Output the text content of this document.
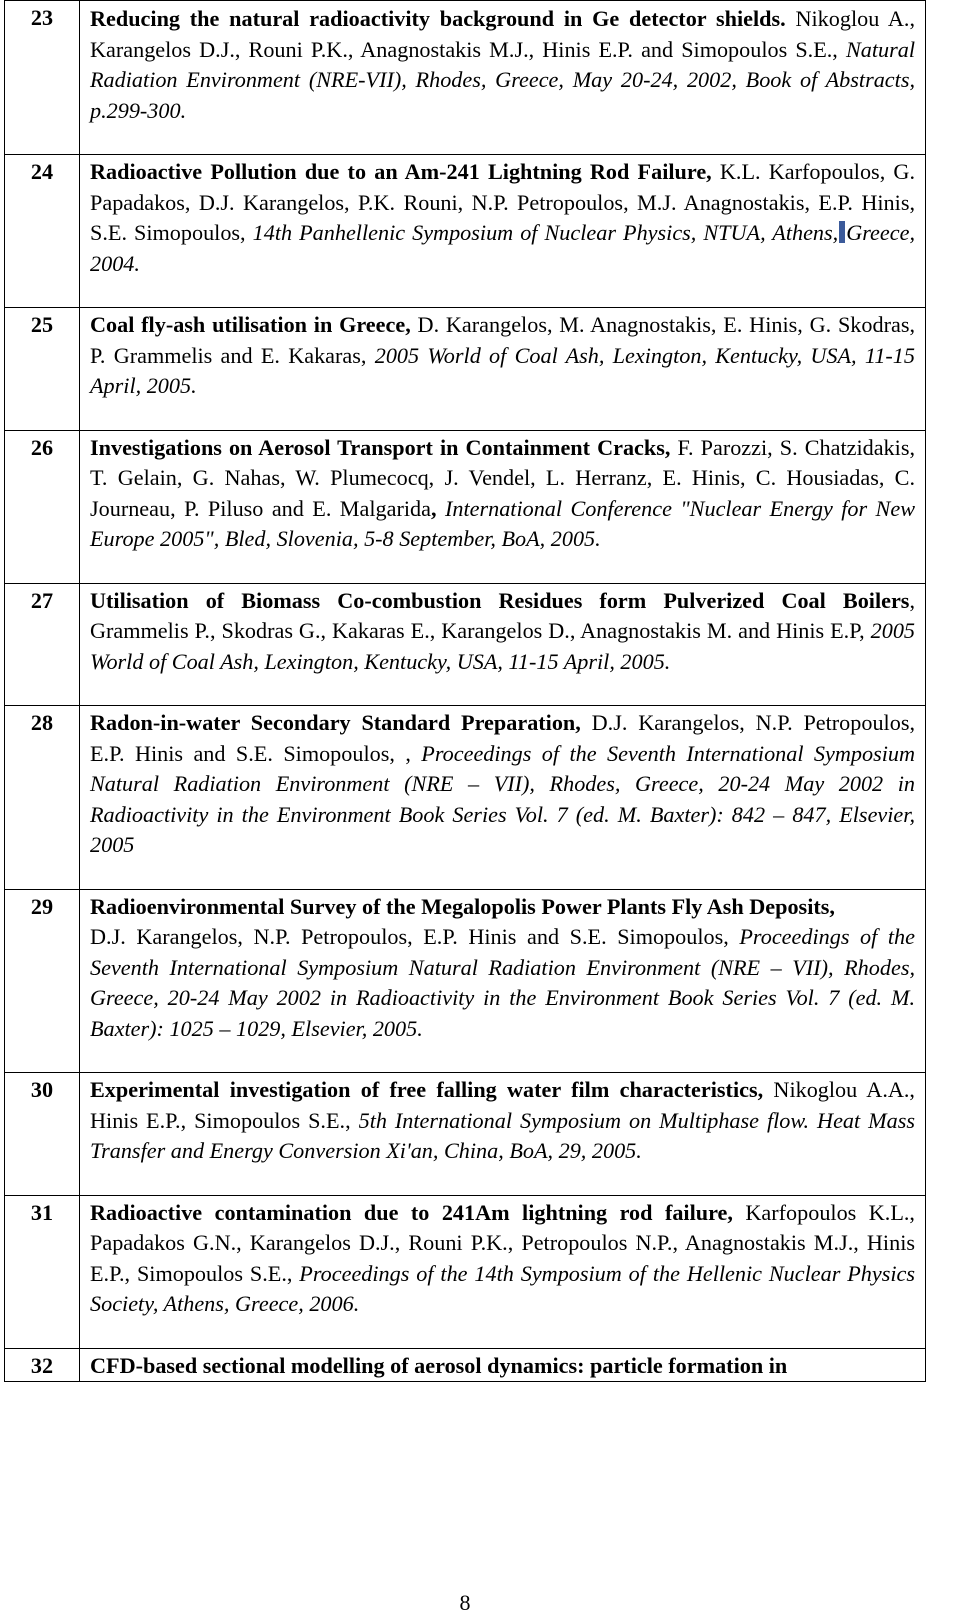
23	Reducing the natural radioactivity background in Ge detector shields. Nikoglou A., Karangelos D.J., Rouni P.K., Anagnostakis M.J., Hinis E.P. and Simopoulos S.E., Natural Radiation Environment (NRE-VII), Rhodes, Greece, May 20-24, 2002, Book of Abstracts, p.299-300.
24	Radioactive Pollution due to an Am-241 Lightning Rod Failure, K.L. Karfopoulos, G. Papadakos, D.J. Karangelos, P.K. Rouni, N.P. Petropoulos, M.J. Anagnostakis, E.P. Hinis, S.E. Simopoulos, 14th Panhellenic Symposium of Nuclear Physics, NTUA, Athens, Greece, 2004.
25	Coal fly-ash utilisation in Greece, D. Karangelos, M. Anagnostakis, E. Hinis, G. Skodras, P. Grammelis and E. Kakaras, 2005 World of Coal Ash, Lexington, Kentucky, USA, 11-15 April, 2005.
26	Investigations on Aerosol Transport in Containment Cracks, F. Parozzi, S. Chatzidakis, T. Gelain, G. Nahas, W. Plumecocq, J. Vendel, L. Herranz, E. Hinis, C. Housiadas, C. Journeau, P. Piluso and E. Malgarida, International Conference "Nuclear Energy for New Europe 2005", Bled, Slovenia, 5-8 September, BoA, 2005.
27	Utilisation of Biomass Co-combustion Residues form Pulverized Coal Boilers, Grammelis P., Skodras G., Kakaras E., Karangelos D., Anagnostakis M. and Hinis E.P, 2005 World of Coal Ash, Lexington, Kentucky, USA, 11-15 April, 2005.
28	Radon-in-water Secondary Standard Preparation, D.J. Karangelos, N.P. Petropoulos, E.P. Hinis and S.E. Simopoulos, , Proceedings of the Seventh International Symposium Natural Radiation Environment (NRE – VII), Rhodes, Greece, 20-24 May 2002 in Radioactivity in the Environment Book Series Vol. 7 (ed. M. Baxter): 842 – 847, Elsevier, 2005
29	Radioenvironmental Survey of the Megalopolis Power Plants Fly Ash Deposits,
D.J. Karangelos, N.P. Petropoulos, E.P. Hinis and S.E. Simopoulos, Proceedings of the Seventh International Symposium Natural Radiation Environment (NRE – VII), Rhodes, Greece, 20-24 May 2002 in Radioactivity in the Environment Book Series Vol. 7 (ed. M. Baxter): 1025 – 1029, Elsevier, 2005.
30	Experimental investigation of free falling water film characteristics, Nikoglou A.A., Hinis E.P., Simopoulos S.E., 5th International Symposium on Multiphase flow. Heat Mass Transfer and Energy Conversion Xi'an, China, BoA, 29, 2005.
31	Radioactive contamination due to 241Am lightning rod failure, Karfopoulos K.L., Papadakos G.N., Karangelos D.J., Rouni P.K., Petropoulos N.P., Anagnostakis M.J., Hinis E.P., Simopoulos S.E., Proceedings of the 14th Symposium of the Hellenic Nuclear Physics Society, Athens, Greece, 2006.
32	CFD-based sectional modelling of aerosol dynamics: particle formation in
8
